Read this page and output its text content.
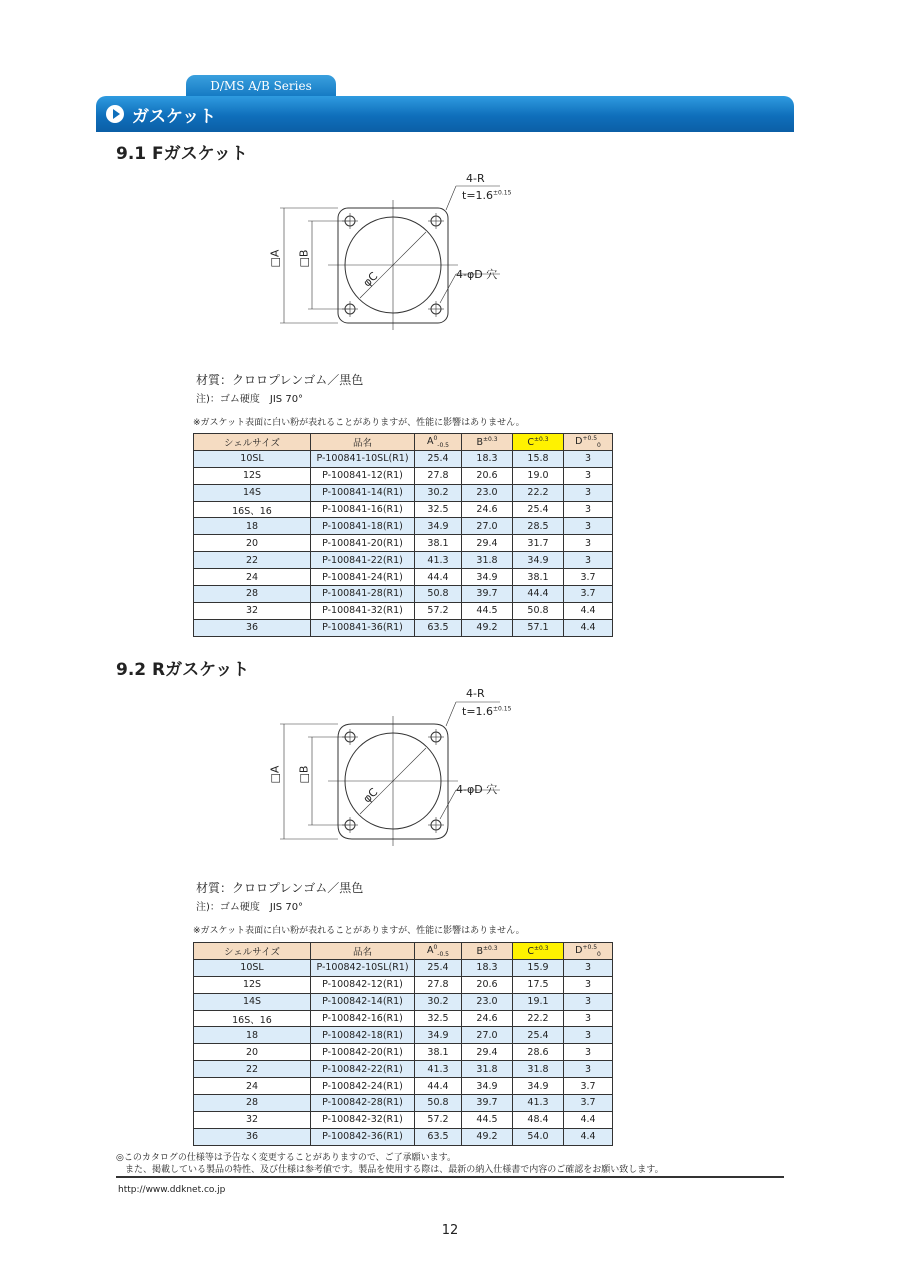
D/MS A/B Series
ガスケット
9.1 Fガスケット
4-R
$t=1.6^{\pm 0.15}$
□A □B
φC	4-φD 穴
材質：クロロプレンゴム／黒色
注)：ゴム硬度　JIS 70°
※ガスケット表面に白い粉が表れることがありますが、性能に影響はありません。
シェルサイズ	品名	$A^0_{-0.5}$	$B^{\pm 0.3}$	$C^{\pm 0.3}$	$D^{+0.5}_0$
10SL	P-100841-10SL(R1)	25.4	18.3	15.8	3
12S	P-100841-12(R1)	27.8	20.6	19.0	3
14S	P-100841-14(R1)	30.2	23.0	22.2	3
16S、16	P-100841-16(R1)	32.5	24.6	25.4	3
18	P-100841-18(R1)	34.9	27.0	28.5	3
20	P-100841-20(R1)	38.1	29.4	31.7	3
22	P-100841-22(R1)	41.3	31.8	34.9	3
24	P-100841-24(R1)	44.4	34.9	38.1	3.7
28	P-100841-28(R1)	50.8	39.7	44.4	3.7
32	P-100841-32(R1)	57.2	44.5	50.8	4.4
36	P-100841-36(R1)	63.5	49.2	57.1	4.4
9.2 Rガスケット
4-R
$t=1.6^{\pm 0.15}$
□A □B
φC	4-φD 穴
材質：クロロプレンゴム／黒色
注)：ゴム硬度　JIS 70°
※ガスケット表面に白い粉が表れることがありますが、性能に影響はありません。
シェルサイズ	品名	$A^0_{-0.5}$	$B^{\pm 0.3}$	$C^{\pm 0.3}$	$D^{+0.5}_0$
10SL	P-100842-10SL(R1)	25.4	18.3	15.9	3
12S	P-100842-12(R1)	27.8	20.6	17.5	3
14S	P-100842-14(R1)	30.2	23.0	19.1	3
16S、16	P-100842-16(R1)	32.5	24.6	22.2	3
18	P-100842-18(R1)	34.9	27.0	25.4	3
20	P-100842-20(R1)	38.1	29.4	28.6	3
22	P-100842-22(R1)	41.3	31.8	31.8	3
24	P-100842-24(R1)	44.4	34.9	34.9	3.7
28	P-100842-28(R1)	50.8	39.7	41.3	3.7
32	P-100842-32(R1)	57.2	44.5	48.4	4.4
36	P-100842-36(R1)	63.5	49.2	54.0	4.4
◎このカタログの仕様等は予告なく変更することがありますので、ご了承願います。
　また、掲載している製品の特性、及び仕様は参考値です。製品を使用する際は、最新の納入仕様書で内容のご確認をお願い致します。
http://www.ddknet.co.jp
12
